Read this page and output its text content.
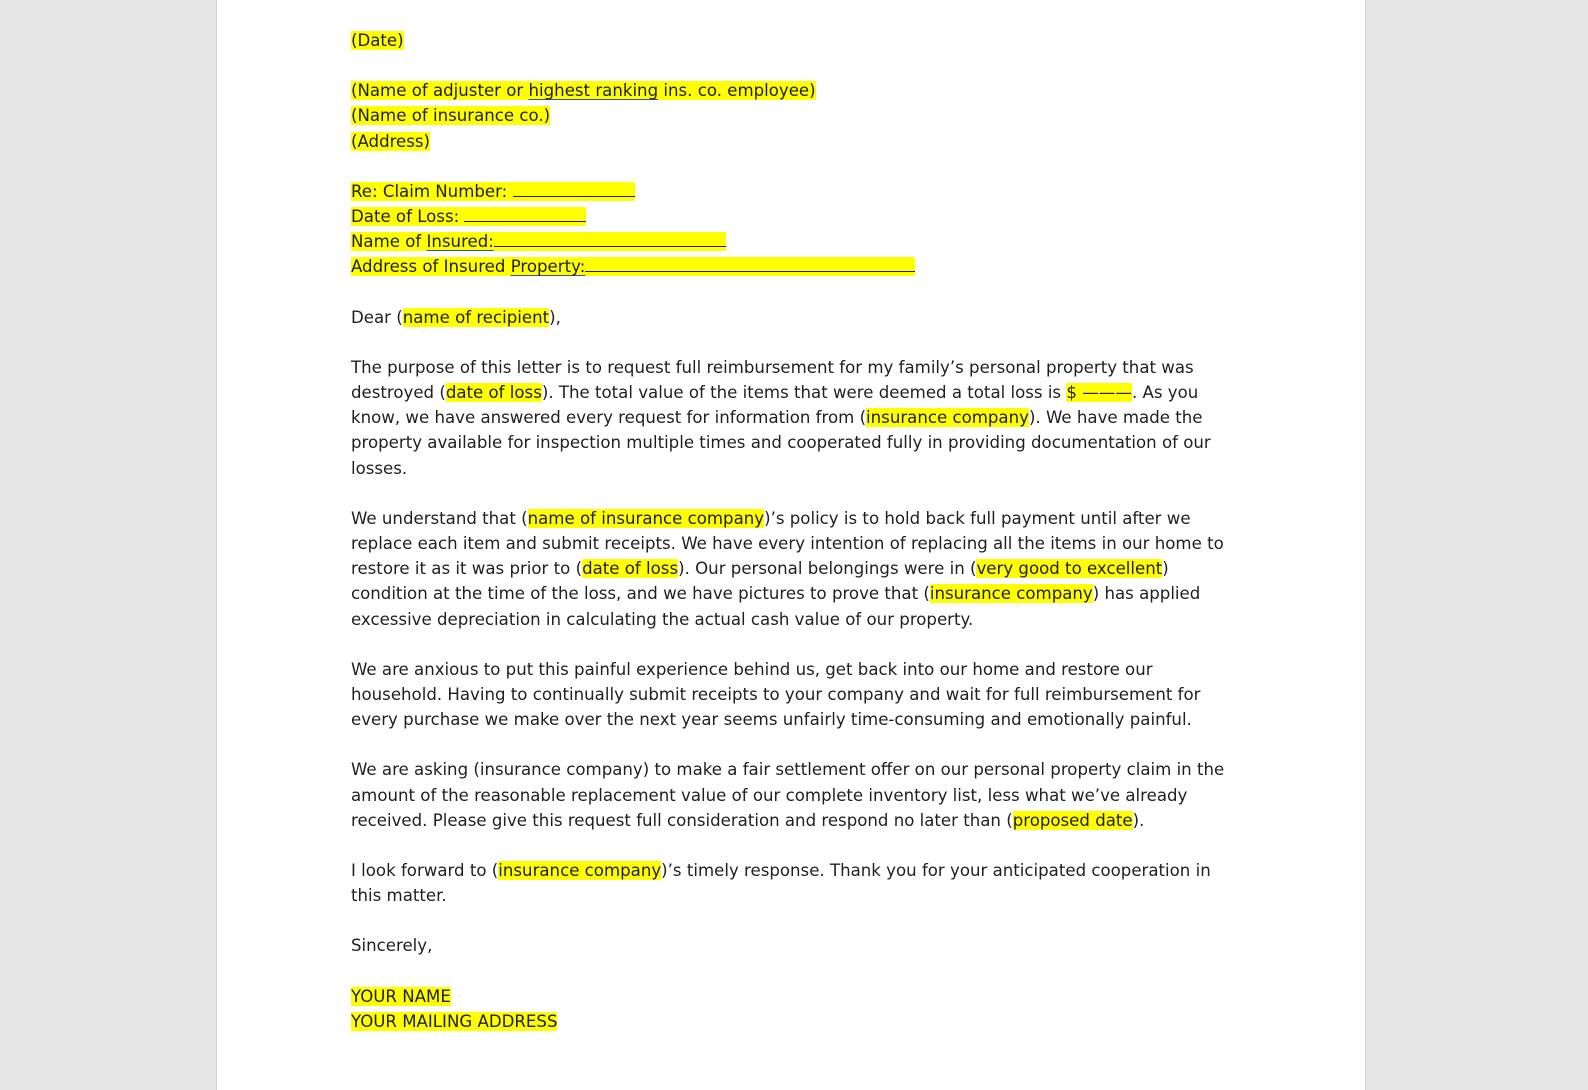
(Date)

(Name of adjuster or highest ranking ins. co. employee)
(Name of insurance co.)
(Address)

Re: Claim Number:
Date of Loss:
Name of Insured:
Address of Insured Property:

Dear (name of recipient),

The purpose of this letter is to request full reimbursement for my family’s personal property that was destroyed (date of loss). The total value of the items that were deemed a total loss is $ ———. As you know, we have answered every request for information from (insurance company). We have made the property available for inspection multiple times and cooperated fully in providing documentation of our losses.

We understand that (name of insurance company)’s policy is to hold back full payment until after we replace each item and submit receipts. We have every intention of replacing all the items in our home to restore it as it was prior to (date of loss). Our personal belongings were in (very good to excellent) condition at the time of the loss, and we have pictures to prove that (insurance company) has applied excessive depreciation in calculating the actual cash value of our property.

We are anxious to put this painful experience behind us, get back into our home and restore our household. Having to continually submit receipts to your company and wait for full reimbursement for every purchase we make over the next year seems unfairly time-consuming and emotionally painful.

We are asking (insurance company) to make a fair settlement offer on our personal property claim in the amount of the reasonable replacement value of our complete inventory list, less what we’ve already received. Please give this request full consideration and respond no later than (proposed date).

I look forward to (insurance company)’s timely response. Thank you for your anticipated cooperation in this matter.

Sincerely,

YOUR NAME
YOUR MAILING ADDRESS
